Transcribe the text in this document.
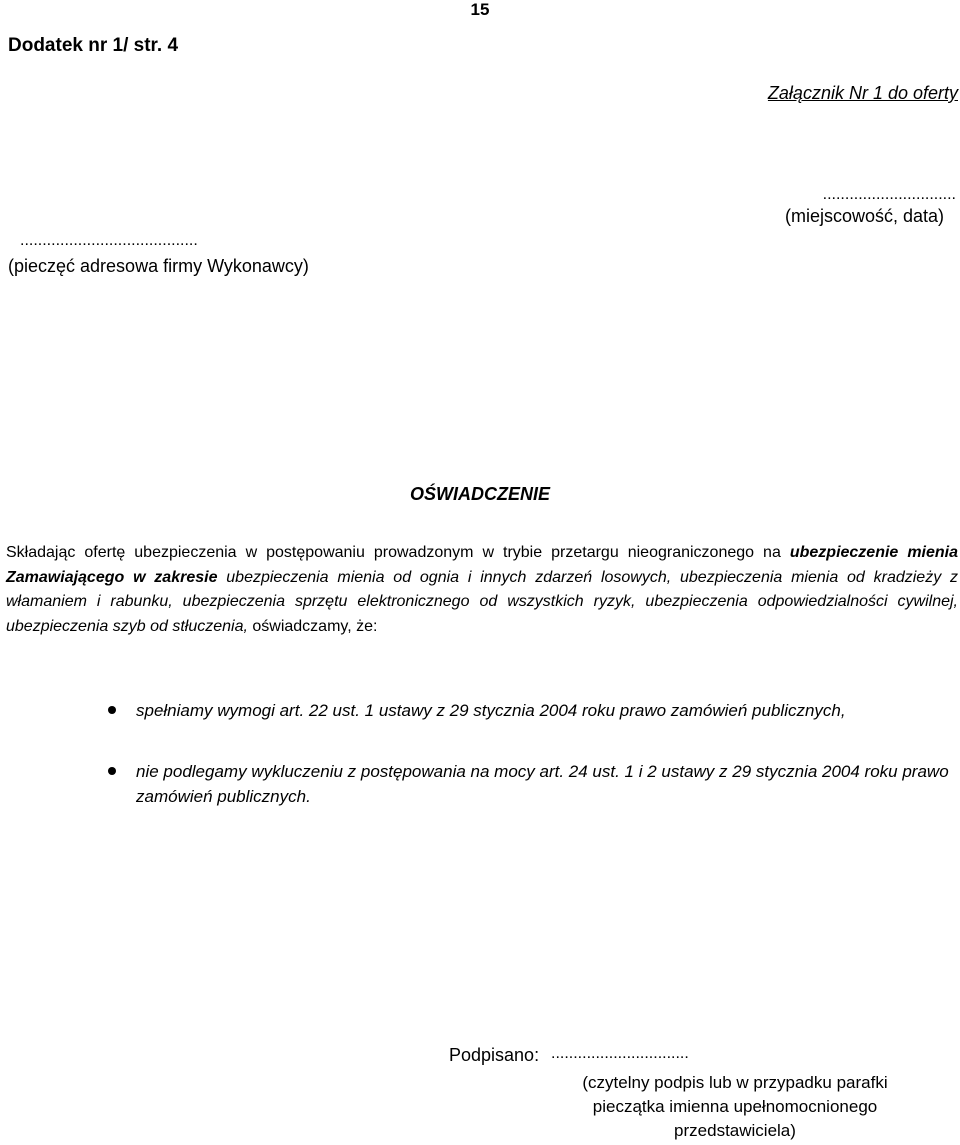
15
Dodatek nr 1/ str. 4
Załącznik Nr 1 do oferty
..............................
(miejscowość, data)
........................................
(pieczęć adresowa firmy Wykonawcy)
OŚWIADCZENIE
Składając ofertę ubezpieczenia w postępowaniu prowadzonym w trybie przetargu nieograniczonego na ubezpieczenie mienia Zamawiającego w zakresie ubezpieczenia mienia od ognia i innych zdarzeń losowych, ubezpieczenia mienia od kradzieży z włamaniem i rabunku, ubezpieczenia sprzętu elektronicznego od wszystkich ryzyk, ubezpieczenia odpowiedzialności cywilnej, ubezpieczenia szyb od stłuczenia, oświadczamy, że:
spełniamy wymogi art. 22 ust. 1 ustawy z 29 stycznia 2004 roku prawo zamówień publicznych,
nie podlegamy wykluczeniu z postępowania na mocy art. 24 ust. 1 i 2 ustawy z 29 stycznia 2004 roku prawo zamówień publicznych.
Podpisano: ...............................
(czytelny podpis lub w przypadku parafki
pieczątka imienna upełnomocnionego
przedstawiciela)
